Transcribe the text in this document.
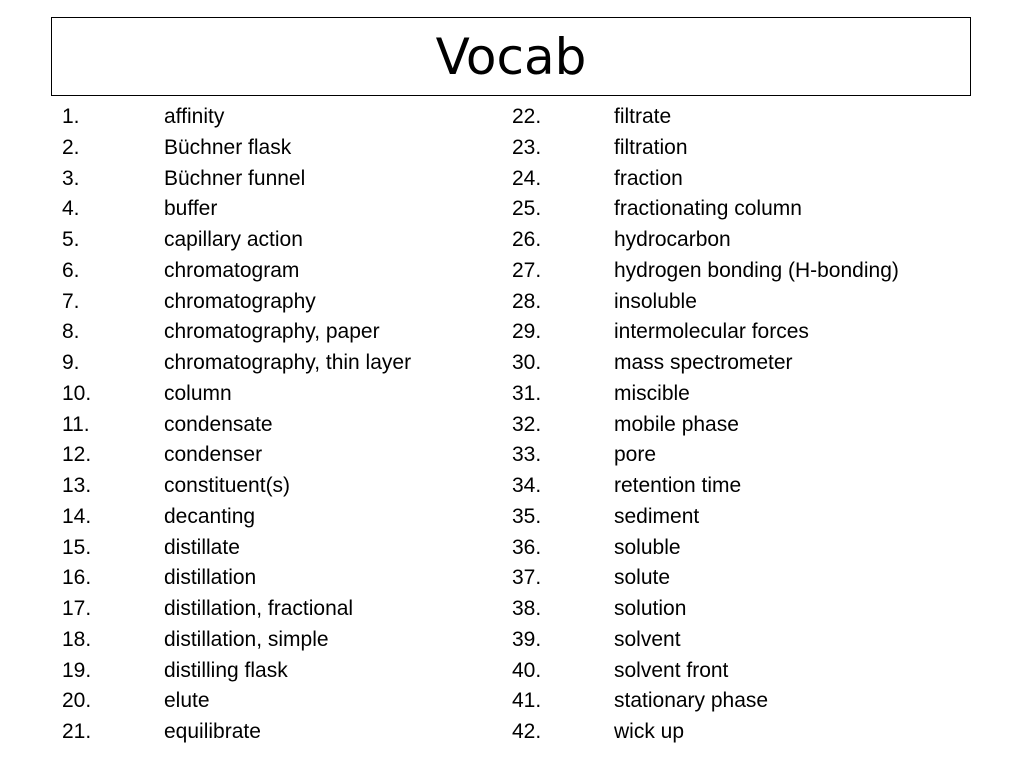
Vocab
1.	affinity
2.	Büchner flask
3.	Büchner funnel
4.	buffer
5.	capillary action
6.	chromatogram
7.	chromatography
8.	chromatography, paper
9.	chromatography, thin layer
10.	column
11.	condensate
12.	condenser
13.	constituent(s)
14.	decanting
15.	distillate
16.	distillation
17.	distillation, fractional
18.	distillation, simple
19.	distilling flask
20.	elute
21.	equilibrate
22.	filtrate
23.	filtration
24.	fraction
25.	fractionating column
26.	hydrocarbon
27.	hydrogen bonding (H-bonding)
28.	insoluble
29.	intermolecular forces
30.	mass spectrometer
31.	miscible
32.	mobile phase
33.	pore
34.	retention time
35.	sediment
36.	soluble
37.	solute
38.	solution
39.	solvent
40.	solvent front
41.	stationary phase
42.	wick up
